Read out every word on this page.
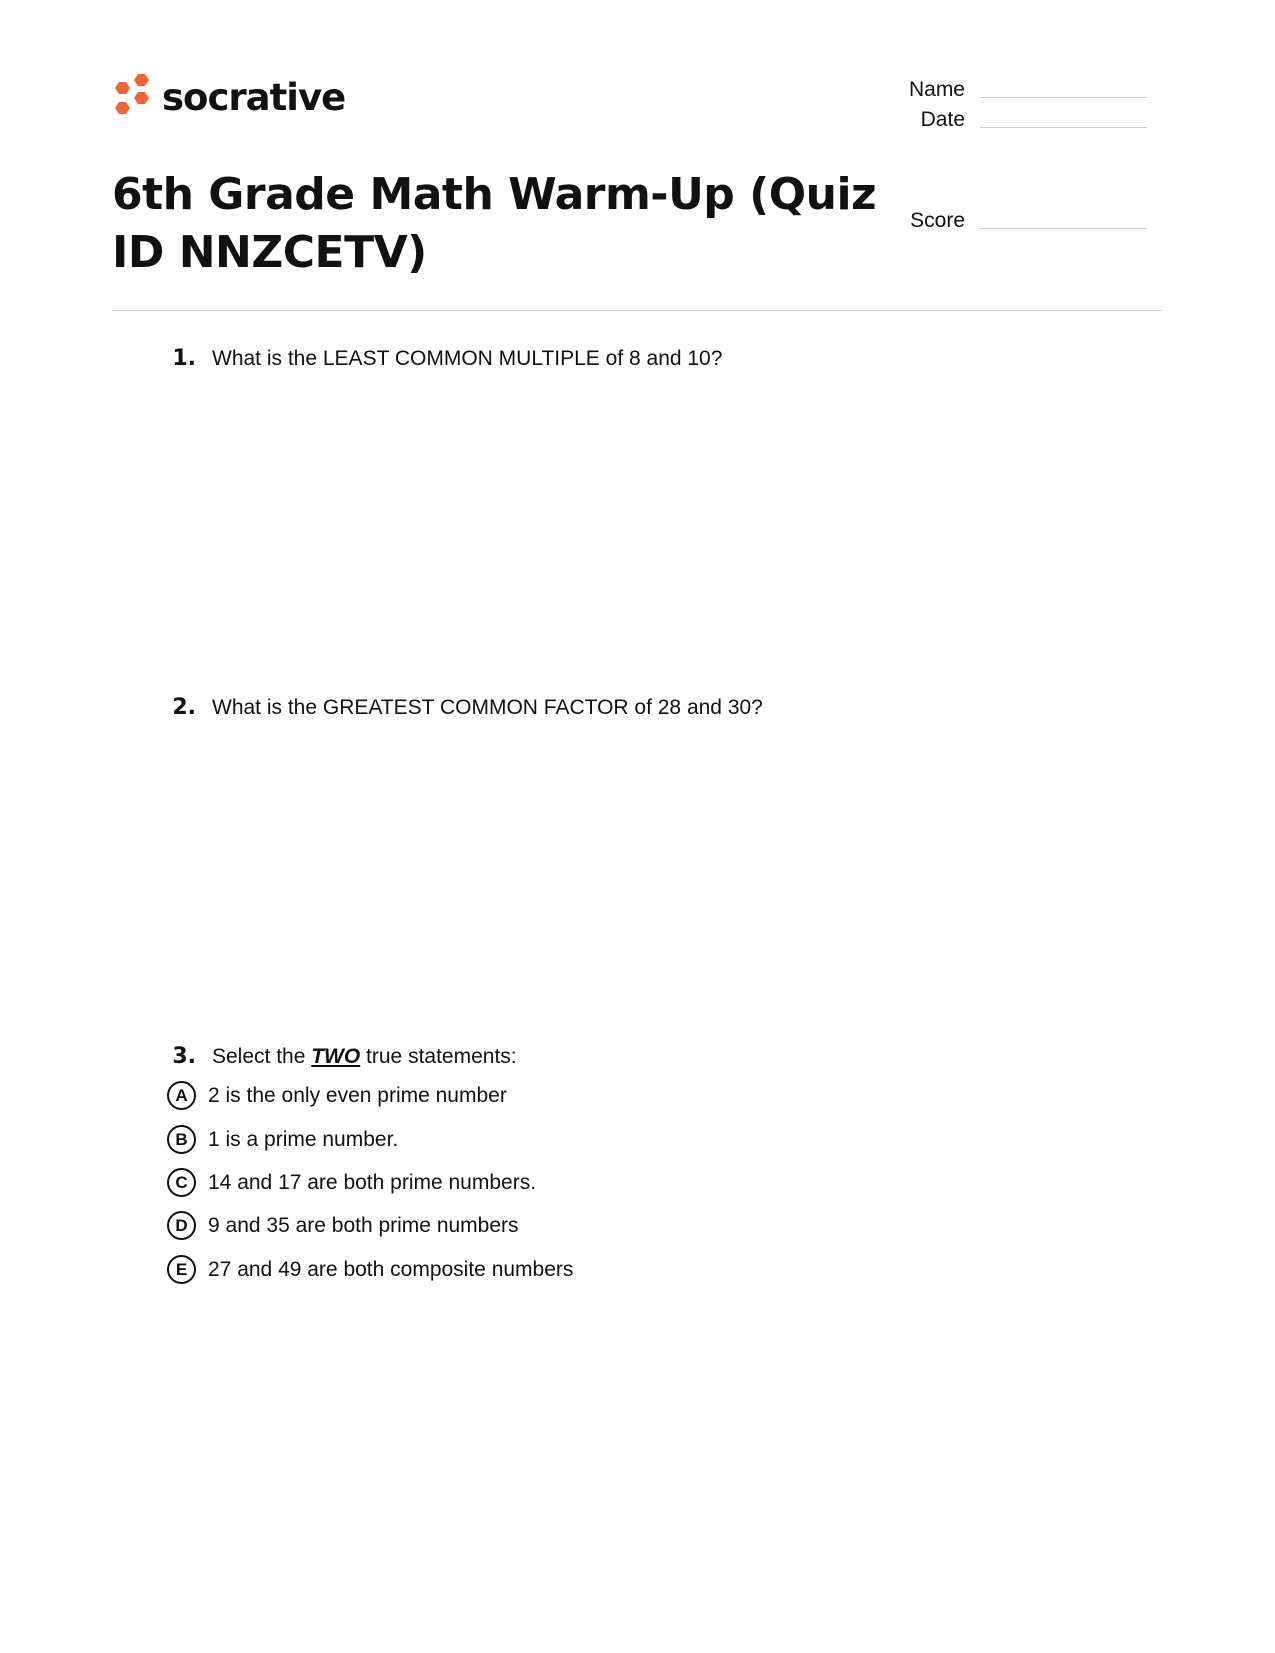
socrative	Name
Date
Score
6th Grade Math Warm-Up (Quiz ID NNZCETV)
1. What is the LEAST COMMON MULTIPLE of 8 and 10?
2. What is the GREATEST COMMON FACTOR of 28 and 30?
3. Select the TWO true statements:
A 2 is the only even prime number
B 1 is a prime number.
C 14 and 17 are both prime numbers.
D 9 and 35 are both prime numbers
E 27 and 49 are both composite numbers
